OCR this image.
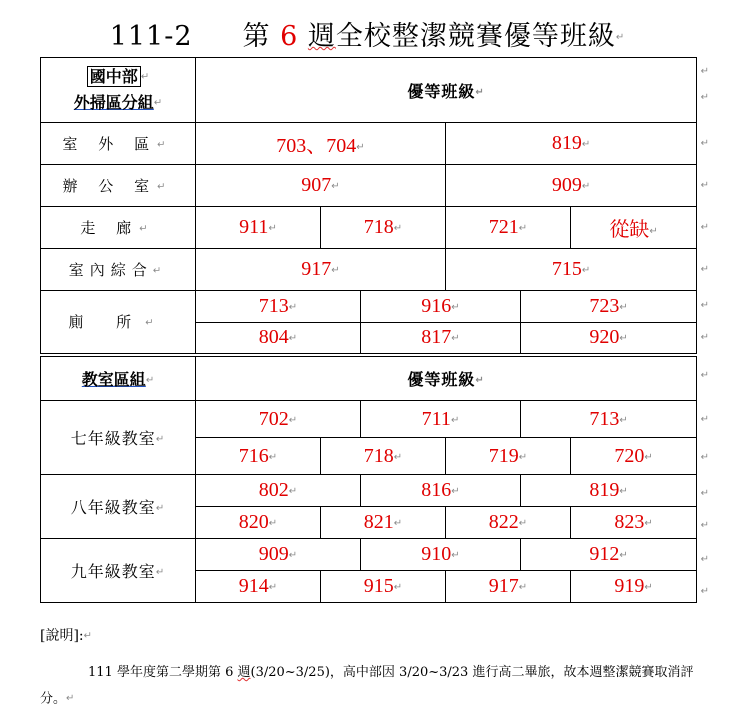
111-2 第 6 週全校整潔競賽優等班級↵
國中部 ↵
外掃區分組↵	優等班級↵					
室 外 區↵	703、704↵			819↵		
辦 公 室↵	907↵			909↵		
走 廊↵	911↵	718↵		721↵		從缺↵
室內綜合↵	917↵			715↵		
廁 所↵	713↵		916↵		723↵	
	804↵		817↵		920↵	
教室區組↵	優等班級↵					
七年級教室↵	702↵		711↵		713↵	
	716↵	718↵		719↵		720↵
八年級教室↵	802↵		816↵		819↵	
	820↵	821↵		822↵		823↵
九年級教室↵	909↵		910↵		912↵	
	914↵	915↵		917↵		919↵
↵
↵
↵
↵
↵
↵
↵
↵
↵
↵
↵
↵
↵
↵
↵
[說明]:↵
111 學年度第二學期第 6 週(3/20~3/25)，高中部因 3/20~3/23 進行高二畢旅，故本週整潔競賽取消評分。↵
